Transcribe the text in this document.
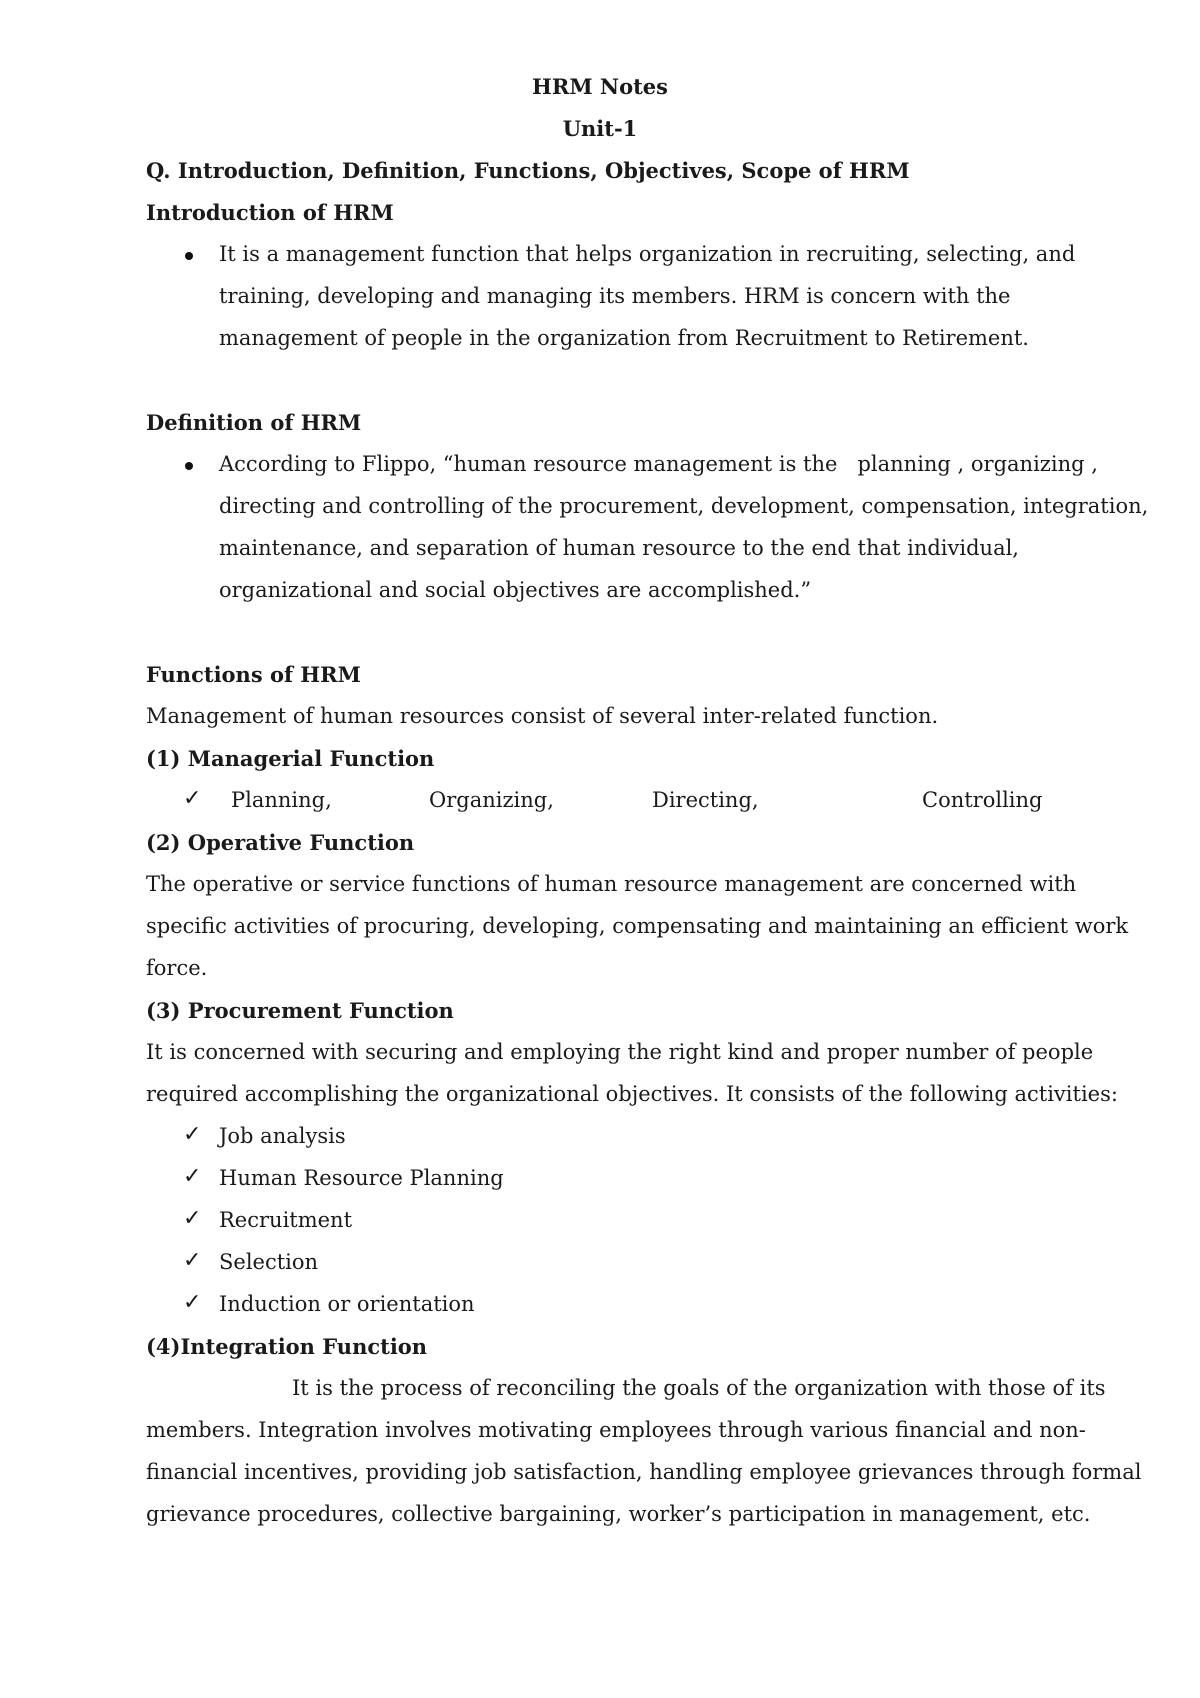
HRM Notes
Unit-1
Q. Introduction, Definition, Functions, Objectives, Scope of HRM
Introduction of HRM
It is a management function that helps organization in recruiting, selecting, and
training, developing and managing its members. HRM is concern with the
management of people in the organization from Recruitment to Retirement.
Definition of HRM
According to Flippo, “human resource management is the   planning , organizing ,
directing and controlling of the procurement, development, compensation, integration,
maintenance, and separation of human resource to the end that individual,
organizational and social objectives are accomplished.”
Functions of HRM
Management of human resources consist of several inter-related function.
(1) Managerial Function
✓ Planning,	Organizing,	Directing,	Controlling
(2) Operative Function
The operative or service functions of human resource management are concerned with
specific activities of procuring, developing, compensating and maintaining an efficient work
force.
(3) Procurement Function
It is concerned with securing and employing the right kind and proper number of people
required accomplishing the organizational objectives. It consists of the following activities:
✓ Job analysis
✓ Human Resource Planning
✓ Recruitment
✓ Selection
✓ Induction or orientation
(4)Integration Function
It is the process of reconciling the goals of the organization with those of its
members. Integration involves motivating employees through various financial and non-
financial incentives, providing job satisfaction, handling employee grievances through formal
grievance procedures, collective bargaining, worker’s participation in management, etc.
